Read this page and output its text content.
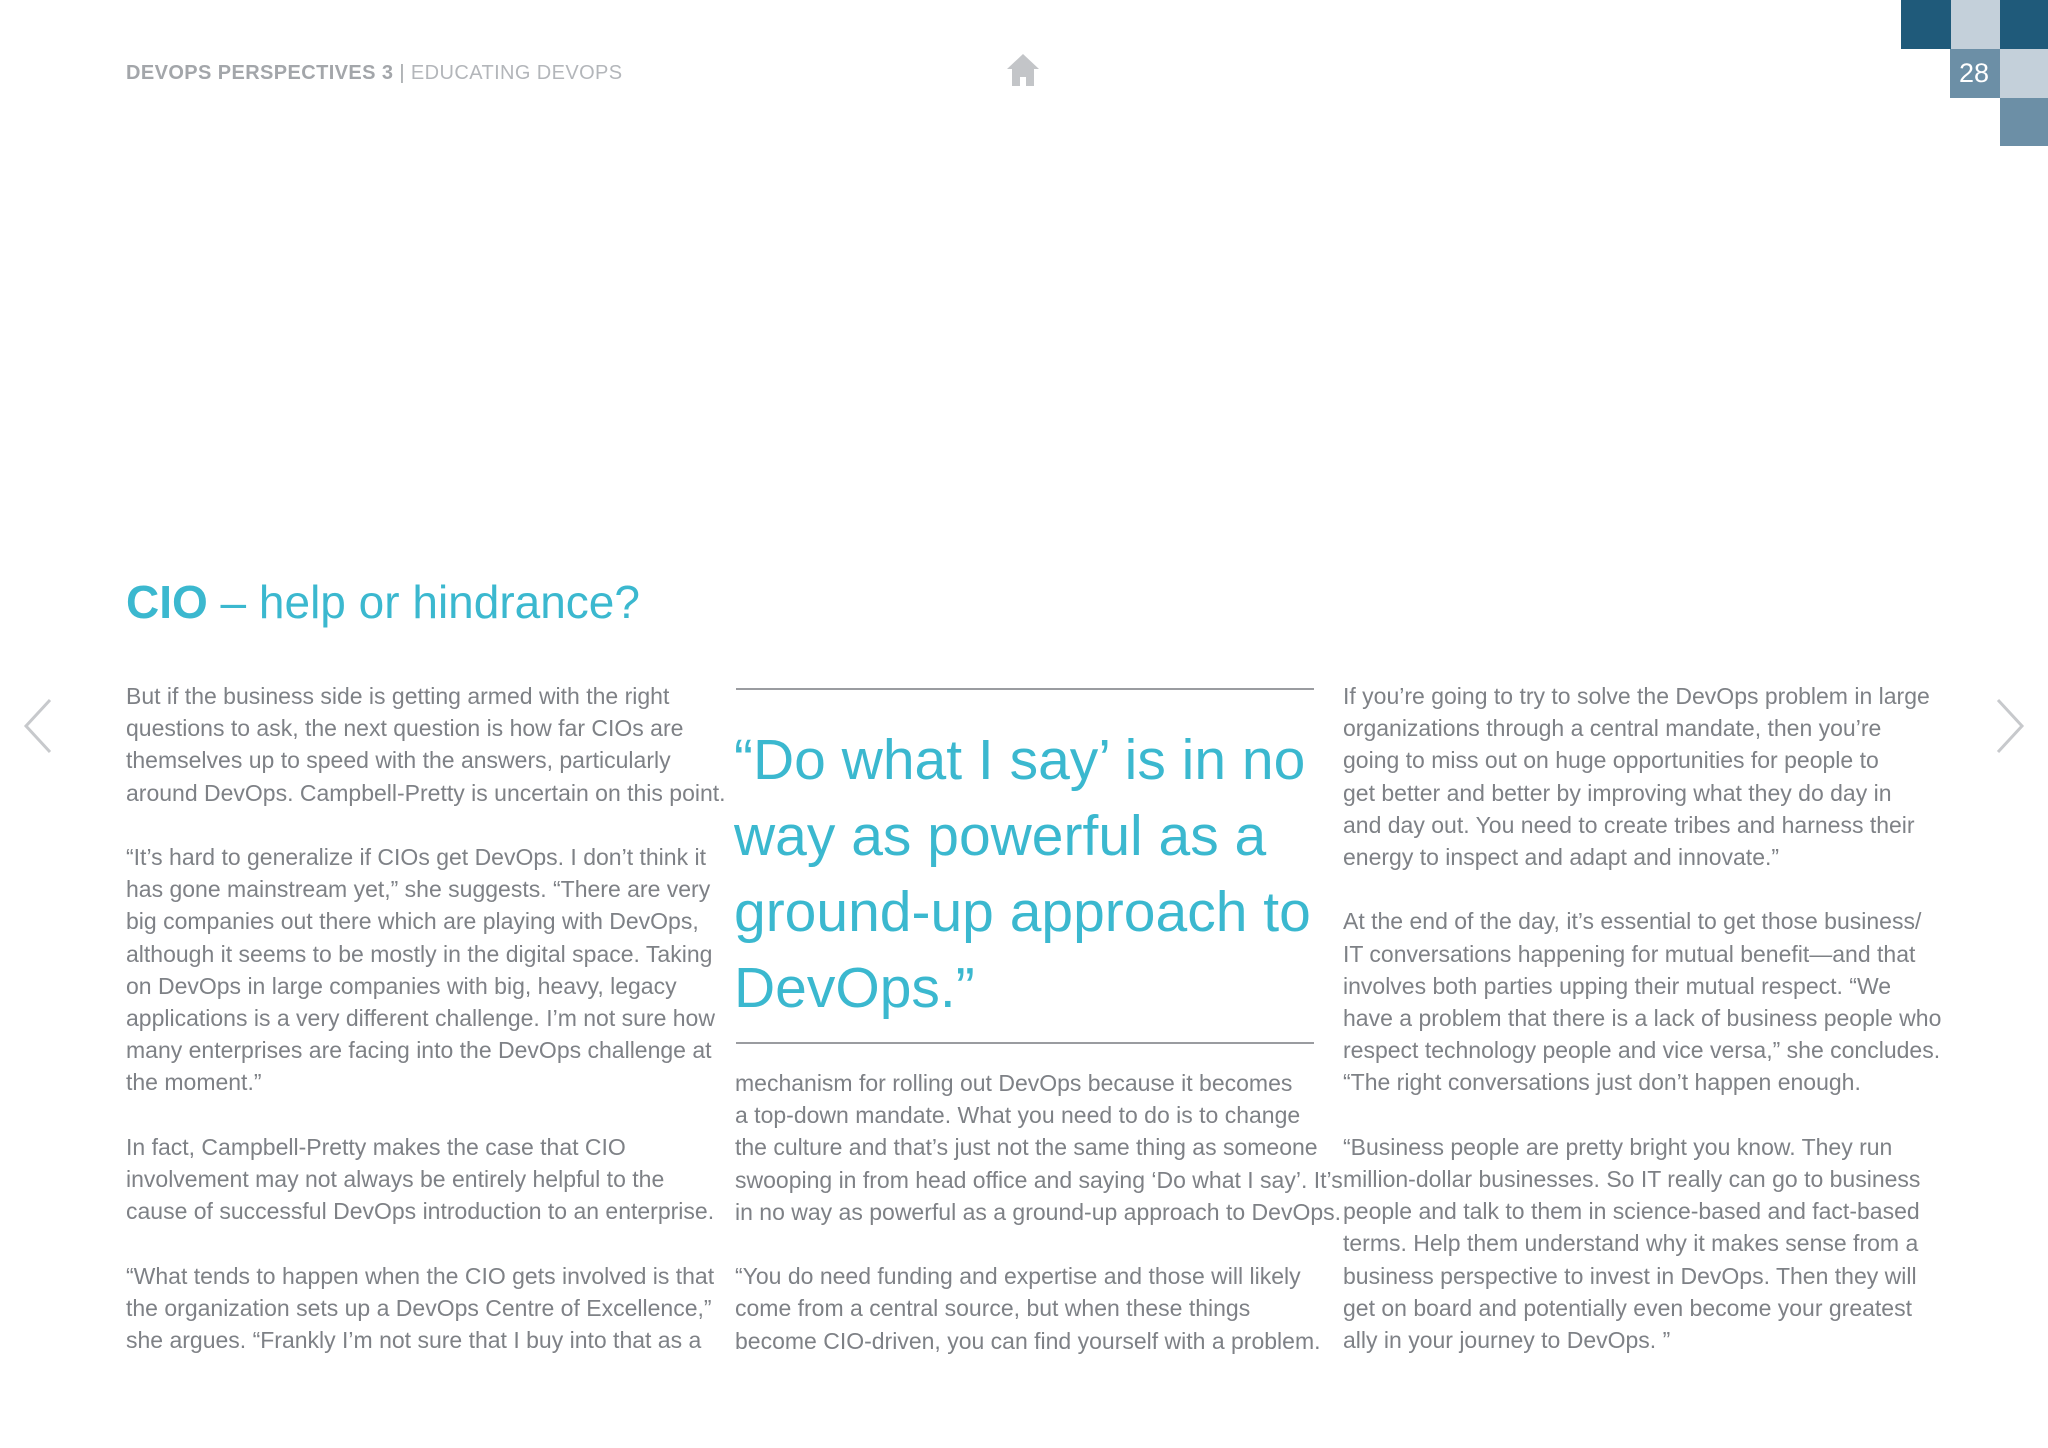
DEVOPS PERSPECTIVES 3 | EDUCATING DEVOPS	28
CIO – help or hindrance?

But if the business side is getting armed with the right
questions to ask, the next question is how far CIOs are
themselves up to speed with the answers, particularly
around DevOps. Campbell-Pretty is uncertain on this point.

“It’s hard to generalize if CIOs get DevOps. I don’t think it
has gone mainstream yet,” she suggests. “There are very
big companies out there which are playing with DevOps,
although it seems to be mostly in the digital space. Taking
on DevOps in large companies with big, heavy, legacy
applications is a very different challenge. I’m not sure how
many enterprises are facing into the DevOps challenge at
the moment.”

In fact, Campbell-Pretty makes the case that CIO
involvement may not always be entirely helpful to the
cause of successful DevOps introduction to an enterprise.

“What tends to happen when the CIO gets involved is that
the organization sets up a DevOps Centre of Excellence,”
she argues. “Frankly I’m not sure that I buy into that as a

“Do what I say’ is in no
way as powerful as a
ground-up approach to
DevOps.”

mechanism for rolling out DevOps because it becomes
a top-down mandate. What you need to do is to change
the culture and that’s just not the same thing as someone
swooping in from head office and saying ‘Do what I say’. It’s
in no way as powerful as a ground-up approach to DevOps.

“You do need funding and expertise and those will likely
come from a central source, but when these things
become CIO-driven, you can find yourself with a problem.

If you’re going to try to solve the DevOps problem in large
organizations through a central mandate, then you’re
going to miss out on huge opportunities for people to
get better and better by improving what they do day in
and day out. You need to create tribes and harness their
energy to inspect and adapt and innovate.”

At the end of the day, it’s essential to get those business/
IT conversations happening for mutual benefit—and that
involves both parties upping their mutual respect. “We
have a problem that there is a lack of business people who
respect technology people and vice versa,” she concludes.
“The right conversations just don’t happen enough.

“Business people are pretty bright you know. They run
million-dollar businesses. So IT really can go to business
people and talk to them in science-based and fact-based
terms. Help them understand why it makes sense from a
business perspective to invest in DevOps. Then they will
get on board and potentially even become your greatest
ally in your journey to DevOps. ”
